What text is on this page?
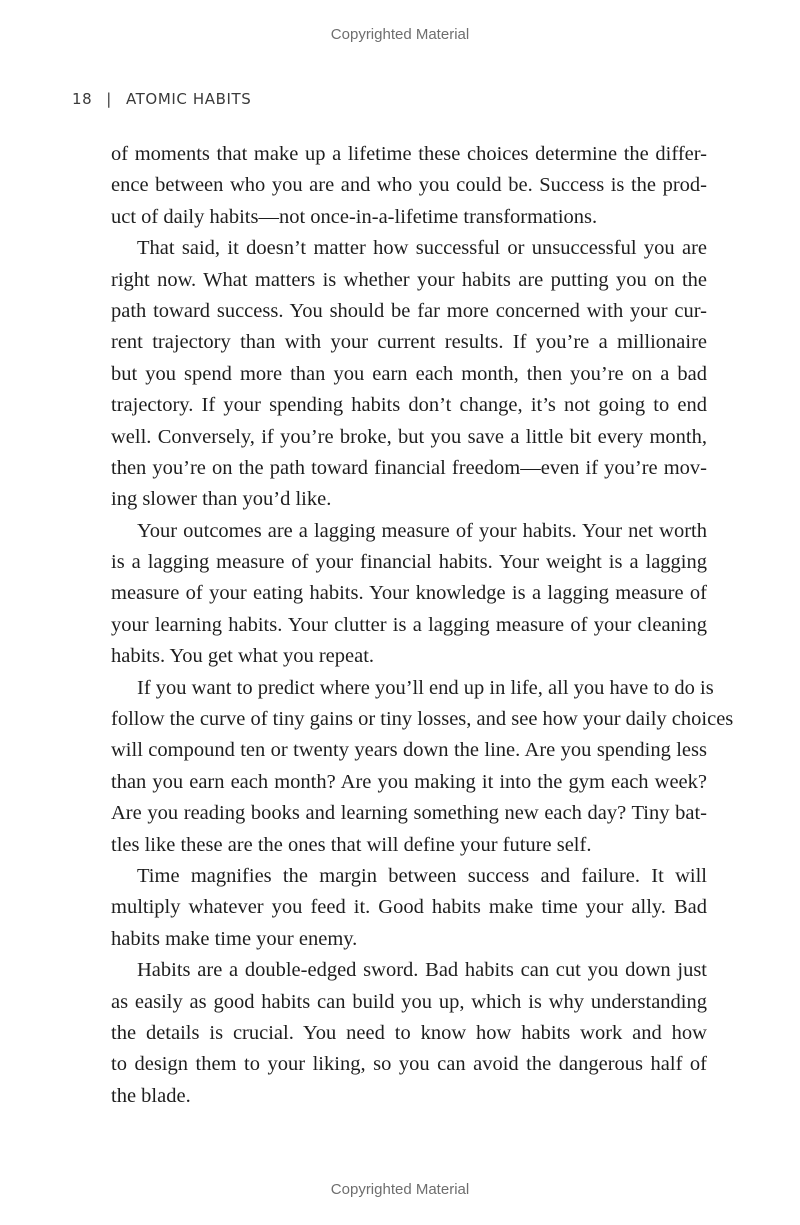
Copyrighted Material
18 | ATOMIC HABITS
of moments that make up a lifetime these choices determine the differ-
ence between who you are and who you could be. Success is the prod-
uct of daily habits—not once-in-a-lifetime transformations.
That said, it doesn’t matter how successful or unsuccessful you are
right now. What matters is whether your habits are putting you on the
path toward success. You should be far more concerned with your cur-
rent trajectory than with your current results. If you’re a millionaire
but you spend more than you earn each month, then you’re on a bad
trajectory. If your spending habits don’t change, it’s not going to end
well. Conversely, if you’re broke, but you save a little bit every month,
then you’re on the path toward financial freedom—even if you’re mov-
ing slower than you’d like.
Your outcomes are a lagging measure of your habits. Your net worth
is a lagging measure of your financial habits. Your weight is a lagging
measure of your eating habits. Your knowledge is a lagging measure of
your learning habits. Your clutter is a lagging measure of your cleaning
habits. You get what you repeat.
If you want to predict where you’ll end up in life, all you have to do is
follow the curve of tiny gains or tiny losses, and see how your daily choices
will compound ten or twenty years down the line. Are you spending less
than you earn each month? Are you making it into the gym each week?
Are you reading books and learning something new each day? Tiny bat-
tles like these are the ones that will define your future self.
Time magnifies the margin between success and failure. It will
multiply whatever you feed it. Good habits make time your ally. Bad
habits make time your enemy.
Habits are a double-edged sword. Bad habits can cut you down just
as easily as good habits can build you up, which is why understanding
the details is crucial. You need to know how habits work and how
to design them to your liking, so you can avoid the dangerous half of
the blade.
Copyrighted Material
